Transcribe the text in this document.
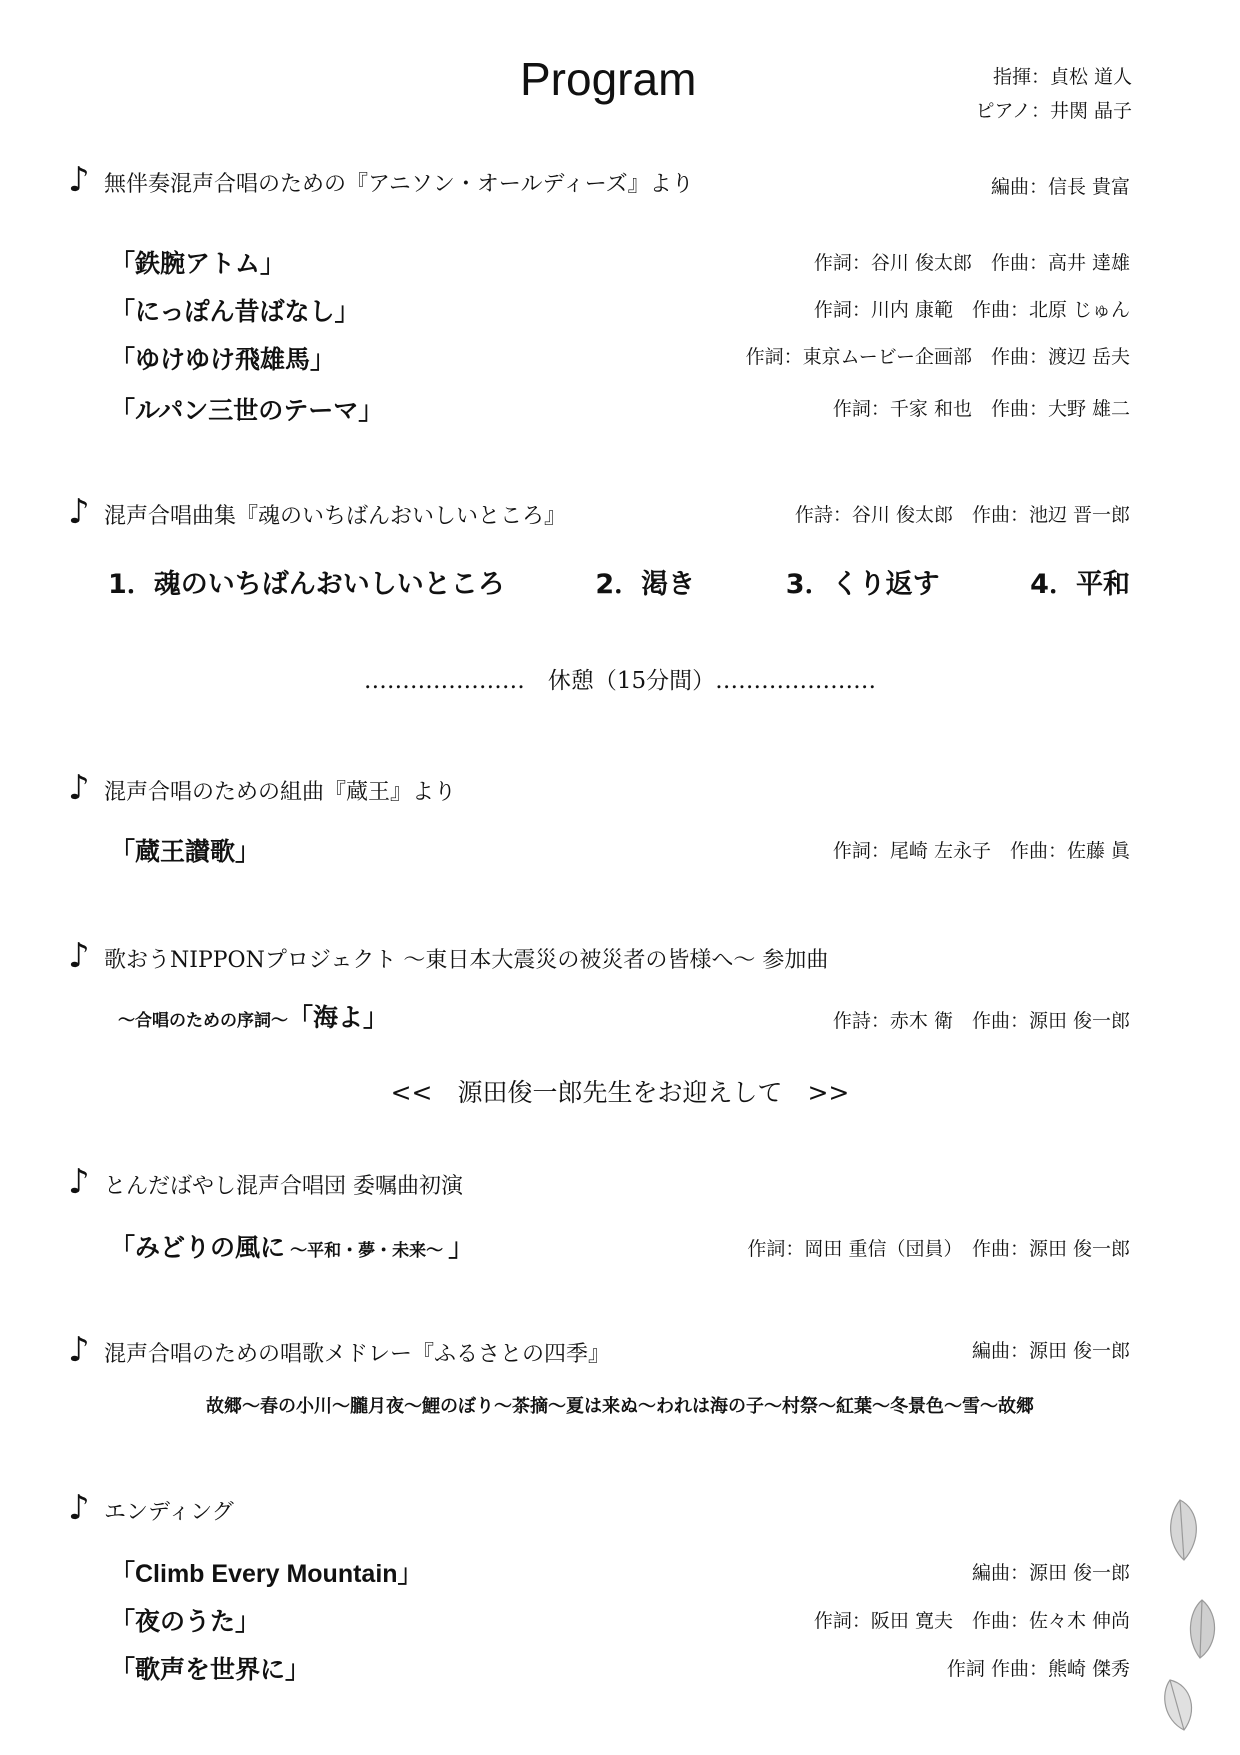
Program	指揮：貞松 道人
ピアノ：井関 晶子
♪ 無伴奏混声合唱のための『アニソン・オールディーズ』より	編曲：信長 貴富
「鉄腕アトム」	作詞：谷川 俊太郎　作曲：高井 達雄
「にっぽん昔ばなし」	作詞：川内 康範　作曲：北原 じゅん
「ゆけゆけ飛雄馬」	作詞：東京ムービー企画部　作曲：渡辺 岳夫
「ルパン三世のテーマ」	作詞：千家 和也　作曲：大野 雄二
♪ 混声合唱曲集『魂のいちばんおいしいところ』	作詩：谷川 俊太郎　作曲：池辺 晋一郎
1．魂のいちばんおいしいところ	2．渇き	3．くり返す	4．平和
…………………　休憩（15分間）…………………
♪ 混声合唱のための組曲『蔵王』より
「蔵王讃歌」	作詞：尾崎 左永子　作曲：佐藤 眞
♪ 歌おうNIPPONプロジェクト ～東日本大震災の被災者の皆様へ～ 参加曲
～合唱のための序詞～「海よ」	作詩：赤木 衛　作曲：源田 俊一郎
<<　源田俊一郎先生をお迎えして　>>
♪ とんだばやし混声合唱団 委嘱曲初演
「みどりの風に ～平和・夢・未来～ 」	作詞：岡田 重信（団員）　作曲：源田 俊一郎
♪ 混声合唱のための唱歌メドレー『ふるさとの四季』	編曲：源田 俊一郎
故郷～春の小川～朧月夜～鯉のぼり～茶摘～夏は来ぬ～われは海の子～村祭～紅葉～冬景色～雪～故郷
♪ エンディング
「Climb Every Mountain」	編曲：源田 俊一郎
「夜のうた」	作詞：阪田 寛夫　作曲：佐々木 伸尚
「歌声を世界に」	作詞 作曲：熊崎 傑秀
